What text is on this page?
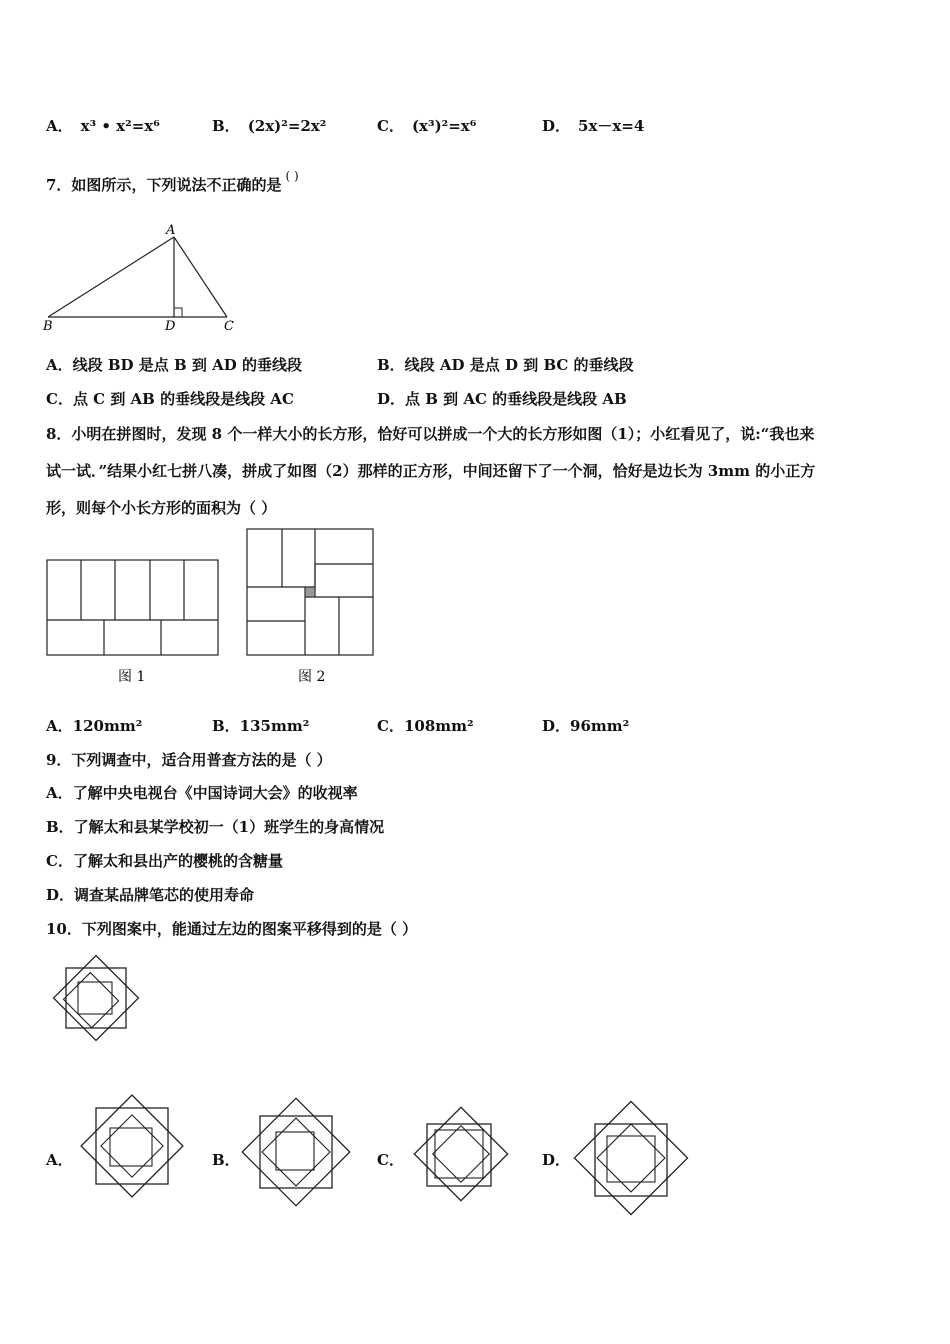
A． x³ • x²=x⁶	B． (2x)²=2x²	C． (x³)²=x⁶	D． 5x－x=4
7．如图所示，下列说法不正确的是 ( )
A
B	D	C
A．线段 BD 是点 B 到 AD 的垂线段	B．线段 AD 是点 D 到 BC 的垂线段
C．点 C 到 AB 的垂线段是线段 AC	D．点 B 到 AC 的垂线段是线段 AB
8．小明在拼图时，发现 8 个一样大小的长方形，恰好可以拼成一个大的长方形如图（1）；小红看见了，说:“我也来
试一试．”结果小红七拼八凑，拼成了如图（2）那样的正方形，中间还留下了一个洞，恰好是边长为 3mm 的小正方
形，则每个小长方形的面积为（ ）
图 1	图 2
A．120mm²	B．135mm²	C．108mm²	D．96mm²
9．下列调查中，适合用普查方法的是（ ）
A．了解中央电视台《中国诗词大会》的收视率
B．了解太和县某学校初一（1）班学生的身高情况
C．了解太和县出产的樱桃的含糖量
D．调查某品牌笔芯的使用寿命
10．下列图案中，能通过左边的图案平移得到的是（ ）
A．	B．	C．	D．
